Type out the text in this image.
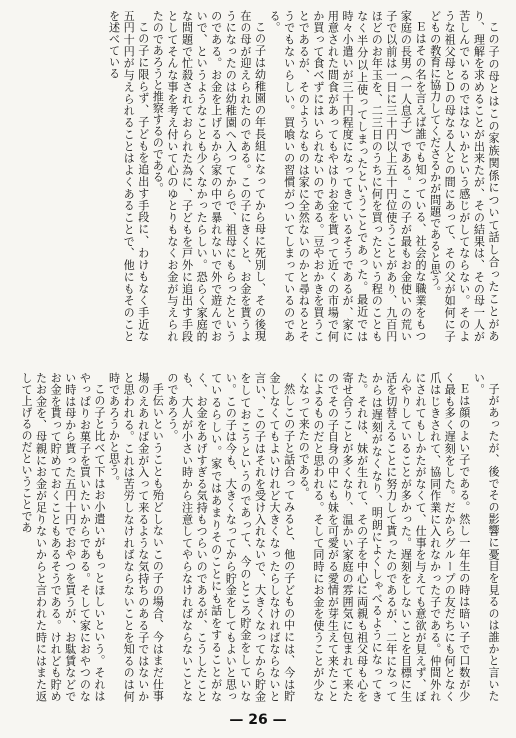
この子の母とはこの家族関係について話し合ったことがあり、理解を求めることが出来たが、その結果は、その母一人が苦しんでいるのではないかという感じがしてならない。そのような祖父母とＤの母なる人との間にあって、その父が如何に子どもの教育に協力してくださるかが問題であると思う。

Ｅはその名を言えば誰でも知っている、社会的な職業をもつ家庭の長男（一人息子）である。この子が最もお金使いの荒い子で以前は一日に三十円以上五十円位使うことがあり、九百円ほどのお年玉を、二三日のうちに何を買ったという程のこともなく半分以上使ってしまったということであった。最近では時々小遣いが三十円程度になってきているそうであるが、家に用意された間食があってもやはりお金を貰って近くの市場で何か買って食べずにはいられないのである。豆やおかきを買うことであるが、そのようなものは家に全然ないのかと尋ねるとそうでもないらしい。買喰いの習慣がついてしまっているのである。

この子は幼稚園の年長組になってから母に死別し、その後現在の母が迎えられたのである。この子にきくと、お金を貰うようになったのは幼稚園へ入ってからで、祖母にもらったというのである。お金を上げるから家の中で暴れないで外で遊んでおいで、というようなことも少くなかったらしい。恐らく家庭的な問題で忙殺されておられた為に、子どもを戸外に追出す手段としてそんな事を考え付いて心のゆとりもなくお金が与えられたのであろうと推察するのである。

この子に限らず、子どもを追出す手段に、わけもなく手近な五円十円が与えられることはよくあることで、他にもそのことを述べている

子があったが、後でその影響に憂目を見るのは誰かと言いたい。

Ｅは顔のよい子である。然し一年生の時は暗い子で口数が少く最も多く遅刻をした。だからグループの友だちにも何となく爪はじきされて、協同作業に入れなかった子である。仲間外れにされてもしかたがなくて、仕事を与えても意欲が見えず、ぼんやりしていることが多かった。遅刻をしないことを目標に生活を切替えることに努力して貰ったのであるが、二年になってからは遅刻がなくなり、明朗によくしゃべるようになってきた。それは、妹が生れて、その子を中心に両親も祖父母も心を寄せ合うことが多くなり、温かい家庭の雰囲気に包まれて来たのでその子自身の中にも妹を可愛がる愛情が芽生えて来たことによるものだと思われる。そして同時にお金を使うことが少なくなって来たのである。

然しこの子と話合ってみると、他の子どもの中には、今は貯金しなくてもよいけれど大きくなったらしなければならないと言い、この子はそれを受け入れないで、大きくなってから貯金をしておこうというのであって、今のところ貯金をしていない。この子は今も、大きくなってから貯金をしてもよいと思っているらしい。家ではあまりそのことにも話をすることがなく、お金をあげすぎる気持もつらいのであるが、こうしたことも、大人が小さい時から注意してやらなければならないことなのであろう。

手伝いということも殆どしないこの子の場合、今はまだ仕事場のえあれば金が入って来るような気持ちのある子ではないかと思われる。これは苦労しなければならないことを知るのは何時であろうかと思う。

この子と比べて下はお小遣いがもっとほしいという。それはやっぱりお菓子を買いたいからである。そして家におやつのない時は母から貰った五円十円でおやつを買うが、お駄賃などでお金を貰って貯めておくこともあるそうである。けれども貯めたお金を、母親にお金が足りないからと言われた時にはまた返して上げるのだということであ

— 26 —
